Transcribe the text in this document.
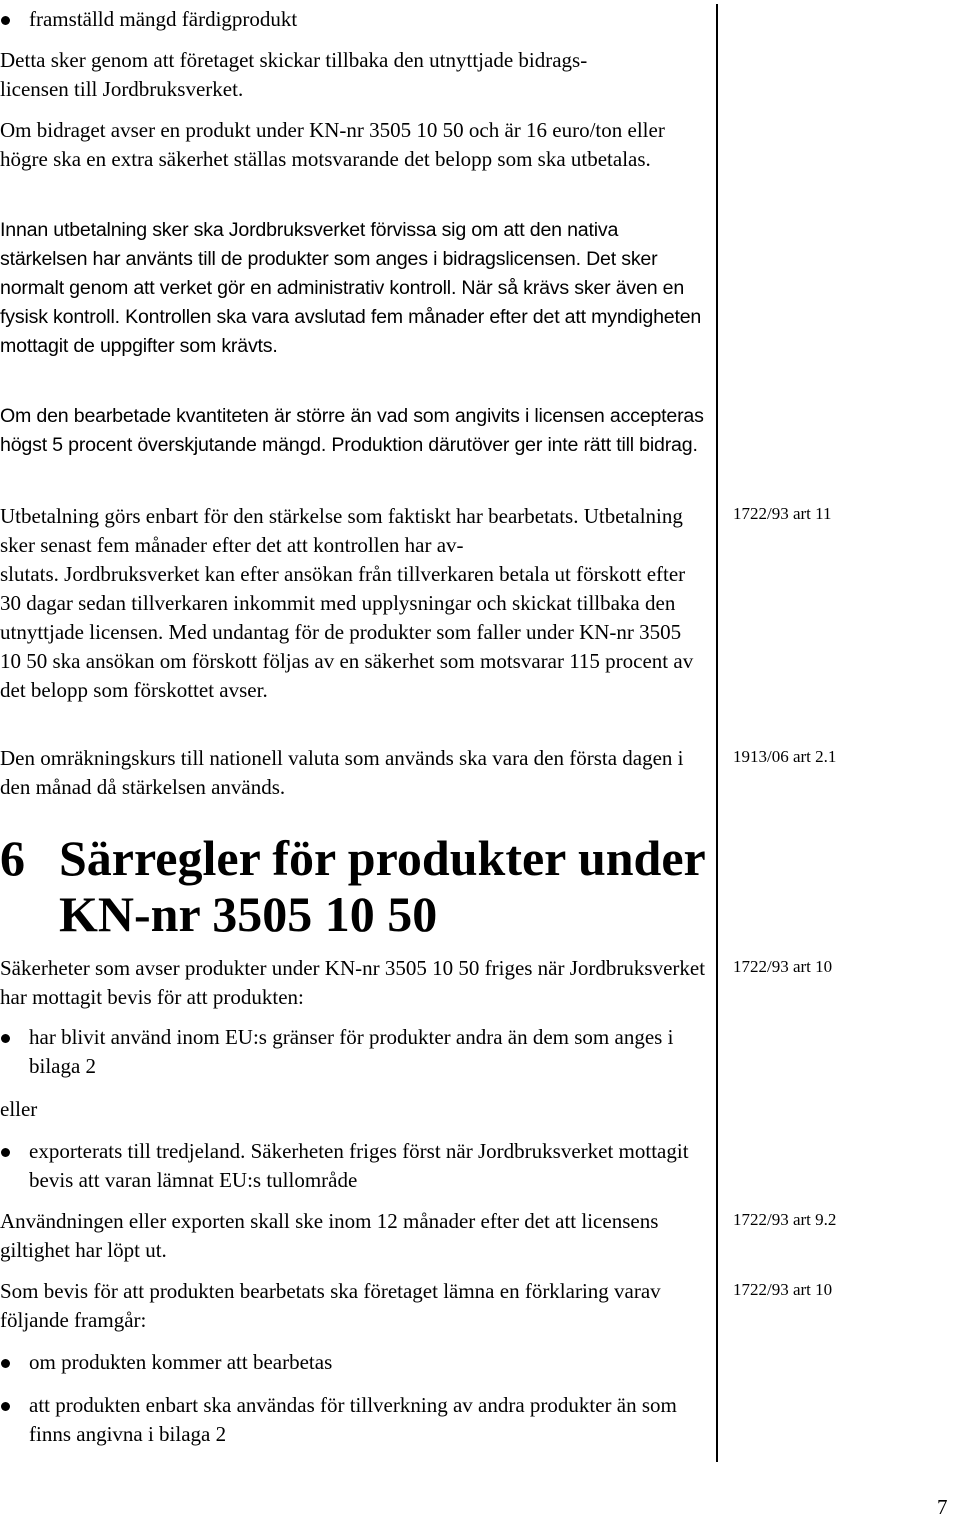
framställd mängd färdigprodukt
Detta sker genom att företaget skickar tillbaka den utnyttjade bidrags-
licensen till Jordbruksverket.

Om bidraget avser en produkt under KN-nr 3505 10 50 och är 16 euro/ton eller högre ska en extra säkerhet ställas motsvarande det belopp som ska utbetalas.

Innan utbetalning sker ska Jordbruksverket förvissa sig om att den nativa stärkelsen har använts till de produkter som anges i bidragslicensen. Det sker normalt genom att verket gör en administrativ kontroll. När så krävs sker även en fysisk kontroll. Kontrollen ska vara avslutad fem månader efter det att myndigheten mottagit de uppgifter som krävts.

Om den bearbetade kvantiteten är större än vad som angivits i licensen accepteras högst 5 procent överskjutande mängd. Produktion därutöver ger inte rätt till bidrag.

Utbetalning görs enbart för den stärkelse som faktiskt har bearbetats. Utbetalning sker senast fem månader efter det att kontrollen har av-
slutats. Jordbruksverket kan efter ansökan från tillverkaren betala ut förskott efter 30 dagar sedan tillverkaren inkommit med upplysningar och skickat tillbaka den utnyttjade licensen. Med undantag för de produkter som faller under KN-nr 3505 10 50 ska ansökan om förskott följas av en säkerhet som motsvarar 115 procent av det belopp som förskottet avser.

Den omräkningskurs till nationell valuta som används ska vara den första dagen i den månad då stärkelsen används.

6 Särregler för produkter under KN-nr 3505 10 50

Säkerheter som avser produkter under KN-nr 3505 10 50 friges när Jordbruksverket har mottagit bevis för att produkten:

har blivit använd inom EU:s gränser för produkter andra än dem som anges i bilaga 2

eller

exporterats till tredjeland. Säkerheten friges först när Jordbruksverket mottagit bevis att varan lämnat EU:s tullområde

Användningen eller exporten skall ske inom 12 månader efter det att licensens giltighet har löpt ut.

Som bevis för att produkten bearbetats ska företaget lämna en förklaring varav följande framgår:

om produkten kommer att bearbetas
att produkten enbart ska användas för tillverkning av andra produkter än som finns angivna i bilaga 2
1722/93 art 11
1913/06 art 2.1
1722/93 art 10
1722/93 art 9.2
1722/93 art 10
7
